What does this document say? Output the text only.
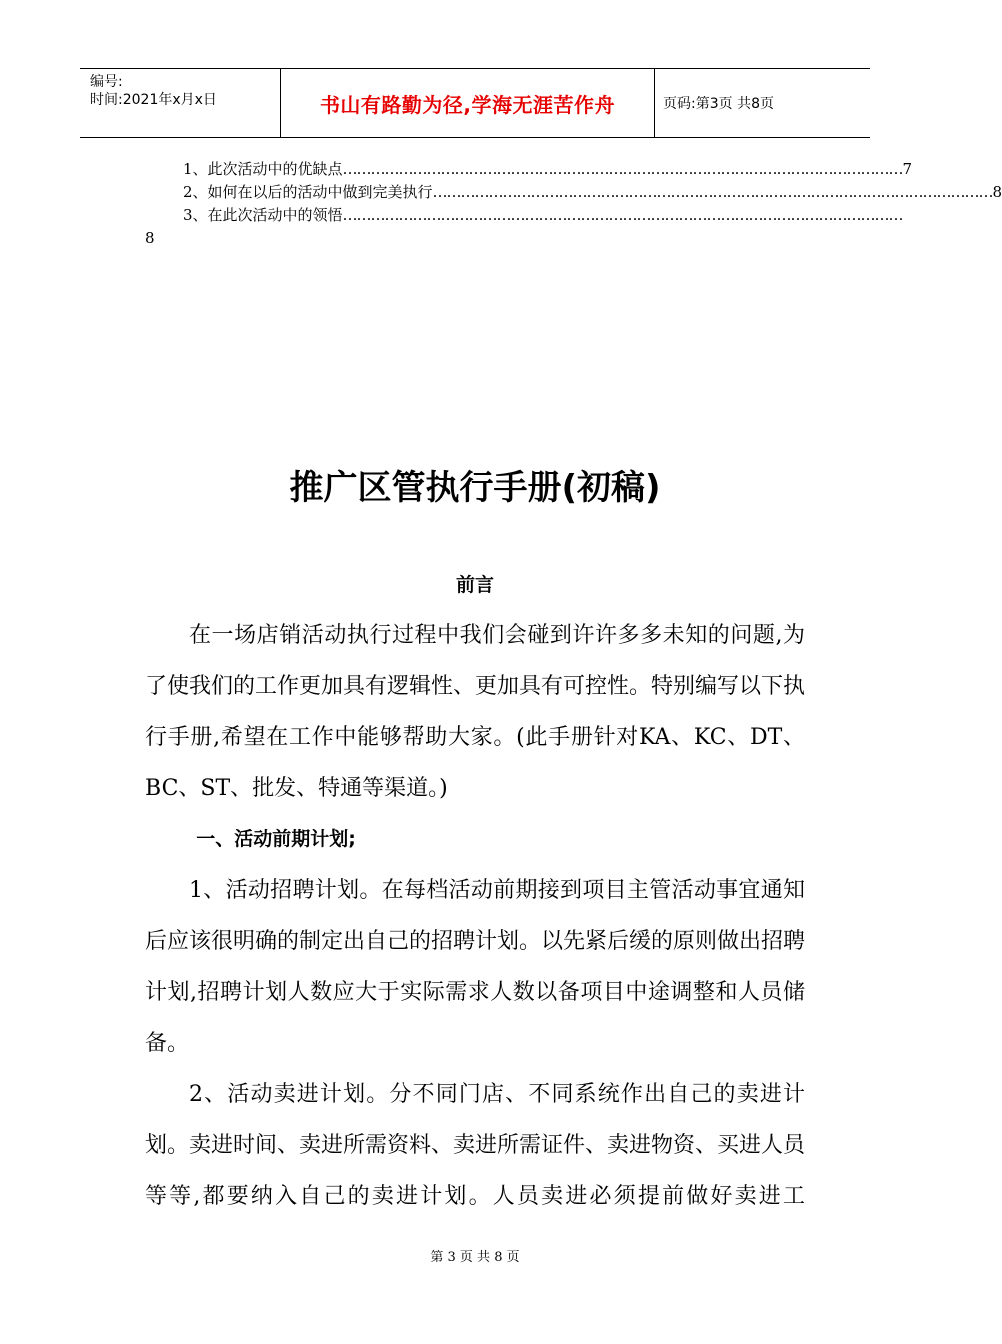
编号:
时间:2021年x月x日	书山有路勤为径,学海无涯苦作舟	页码:第3页 共8页
1、此次活动中的优缺点 ………………………………………………………………………………………………………… 7
2、如何在以后的活动中做到完美执行 ………………………………………………………………………………………………………… 8
3、在此次活动中的领悟 …………………………………………………………………………………………………………
8
推广区管执行手册(初稿)
前言

在一场店销活动执行过程中我们会碰到许许多多未知的问题,为了使我们的工作更加具有逻辑性、更加具有可控性。特别编写以下执行手册,希望在工作中能够帮助大家。(此手册针对KA、KC、DT、BC、ST、批发、特通等渠道。)

一、活动前期计划;

1、活动招聘计划。在每档活动前期接到项目主管活动事宜通知后应该很明确的制定出自己的招聘计划。以先紧后缓的原则做出招聘计划,招聘计划人数应大于实际需求人数以备项目中途调整和人员储备。

2、活动卖进计划。分不同门店、不同系统作出自己的卖进计划。卖进时间、卖进所需资料、卖进所需证件、卖进物资、买进人员等等,都要纳入自己的卖进计划。人员卖进必须提前做好卖进工

第 3 页 共 8 页
